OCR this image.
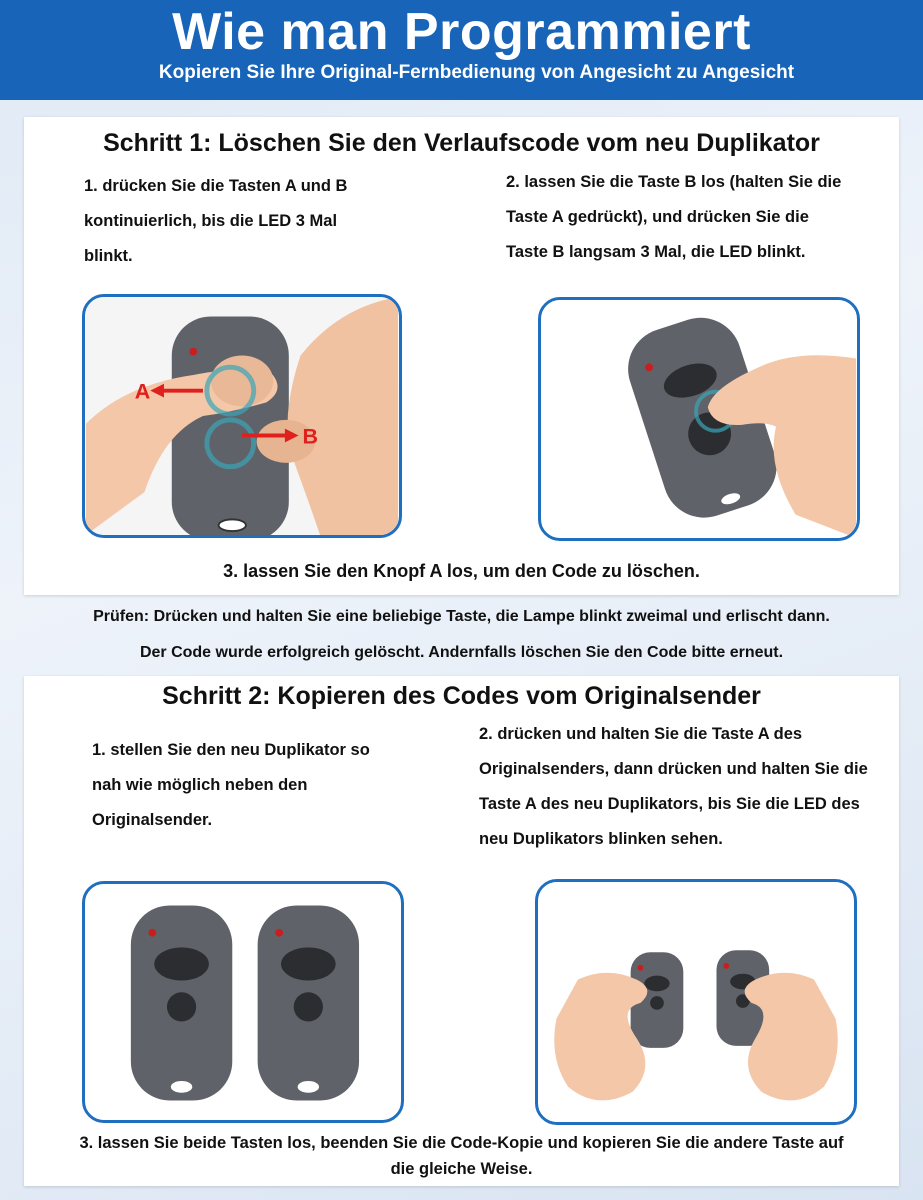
Wie man Programmiert
Kopieren Sie Ihre Original-Fernbedienung von Angesicht zu Angesicht
Schritt 1: Löschen Sie den Verlaufscode vom neu Duplikator
1. drücken Sie die Tasten A und B
kontinuierlich, bis die LED 3 Mal
blinkt.
2. lassen Sie die Taste B los (halten Sie die
Taste A gedrückt), und drücken Sie die
Taste B langsam 3 Mal, die LED blinkt.
A
B
3. lassen Sie den Knopf A los, um den Code zu löschen.
Prüfen: Drücken und halten Sie eine beliebige Taste, die Lampe blinkt zweimal und erlischt dann.
Der Code wurde erfolgreich gelöscht. Andernfalls löschen Sie den Code bitte erneut.
Schritt 2: Kopieren des Codes vom Originalsender
1. stellen Sie den neu Duplikator so
nah wie möglich neben den
Originalsender.
2. drücken und halten Sie die Taste A des
Originalsenders, dann drücken und halten Sie die
Taste A des neu Duplikators, bis Sie die LED des
neu Duplikators blinken sehen.
3. lassen Sie beide Tasten los, beenden Sie die Code-Kopie und kopieren Sie die andere Taste auf
die gleiche Weise.
